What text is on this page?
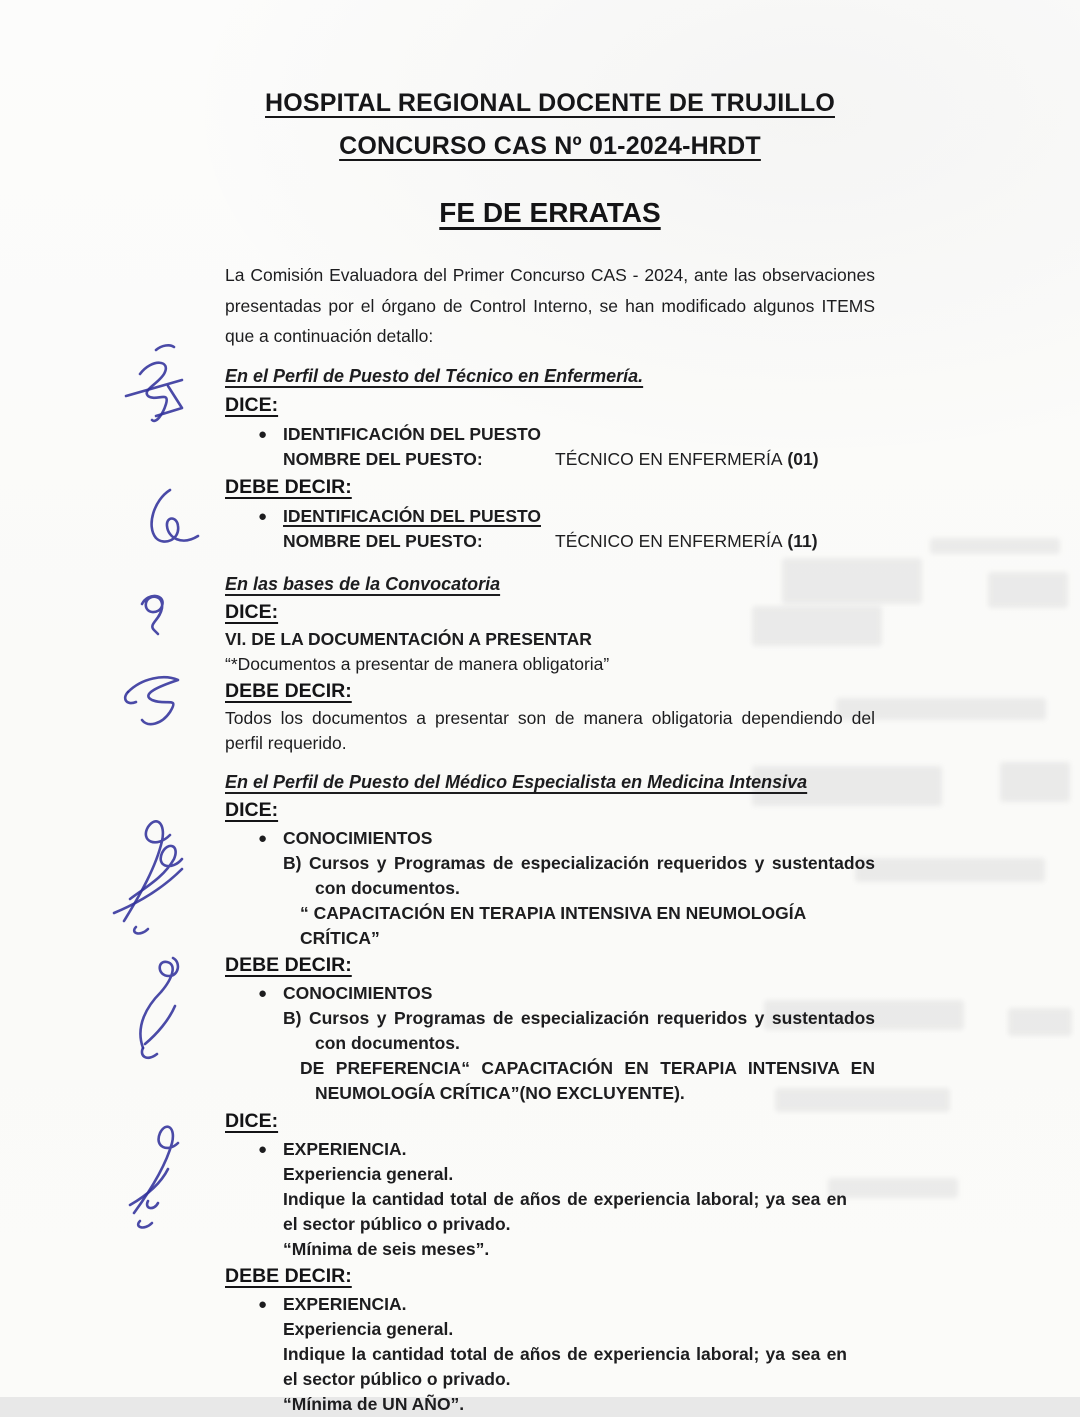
HOSPITAL REGIONAL DOCENTE DE TRUJILLO
CONCURSO CAS Nº 01-2024-HRDT
FE DE ERRATAS

La Comisión Evaluadora del Primer Concurso CAS - 2024, ante las observaciones presentadas por el órgano de Control Interno, se han modificado algunos ITEMS que a continuación detallo:

En el Perfil de Puesto del Técnico en Enfermería.
DICE:
● IDENTIFICACIÓN DEL PUESTO
NOMBRE DEL PUESTO:	TÉCNICO EN ENFERMERÍA (01)
DEBE DECIR:
● IDENTIFICACIÓN DEL PUESTO
NOMBRE DEL PUESTO:	TÉCNICO EN ENFERMERÍA (11)
En las bases de la Convocatoria
DICE:
VI. DE LA DOCUMENTACIÓN A PRESENTAR
“*Documentos a presentar de manera obligatoria”
DEBE DECIR:
Todos los documentos a presentar son de manera obligatoria dependiendo del perfil requerido.
En el Perfil de Puesto del Médico Especialista en Medicina Intensiva
DICE:
● CONOCIMIENTOS
B) Cursos y Programas de especialización requeridos y sustentados con documentos.
“ CAPACITACIÓN EN TERAPIA INTENSIVA EN NEUMOLOGÍA CRÍTICA”
DEBE DECIR:
● CONOCIMIENTOS
B) Cursos y Programas de especialización requeridos y sustentados con documentos.
DE PREFERENCIA“ CAPACITACIÓN EN TERAPIA INTENSIVA EN NEUMOLOGÍA CRÍTICA”(NO EXCLUYENTE).
DICE:
● EXPERIENCIA.
Experiencia general.
Indique la cantidad total de años de experiencia laboral; ya sea en el sector público o privado.
“Mínima de seis meses”.
DEBE DECIR:
● EXPERIENCIA.
Experiencia general.
Indique la cantidad total de años de experiencia laboral; ya sea en el sector público o privado.
“Mínima de UN AÑO”.
